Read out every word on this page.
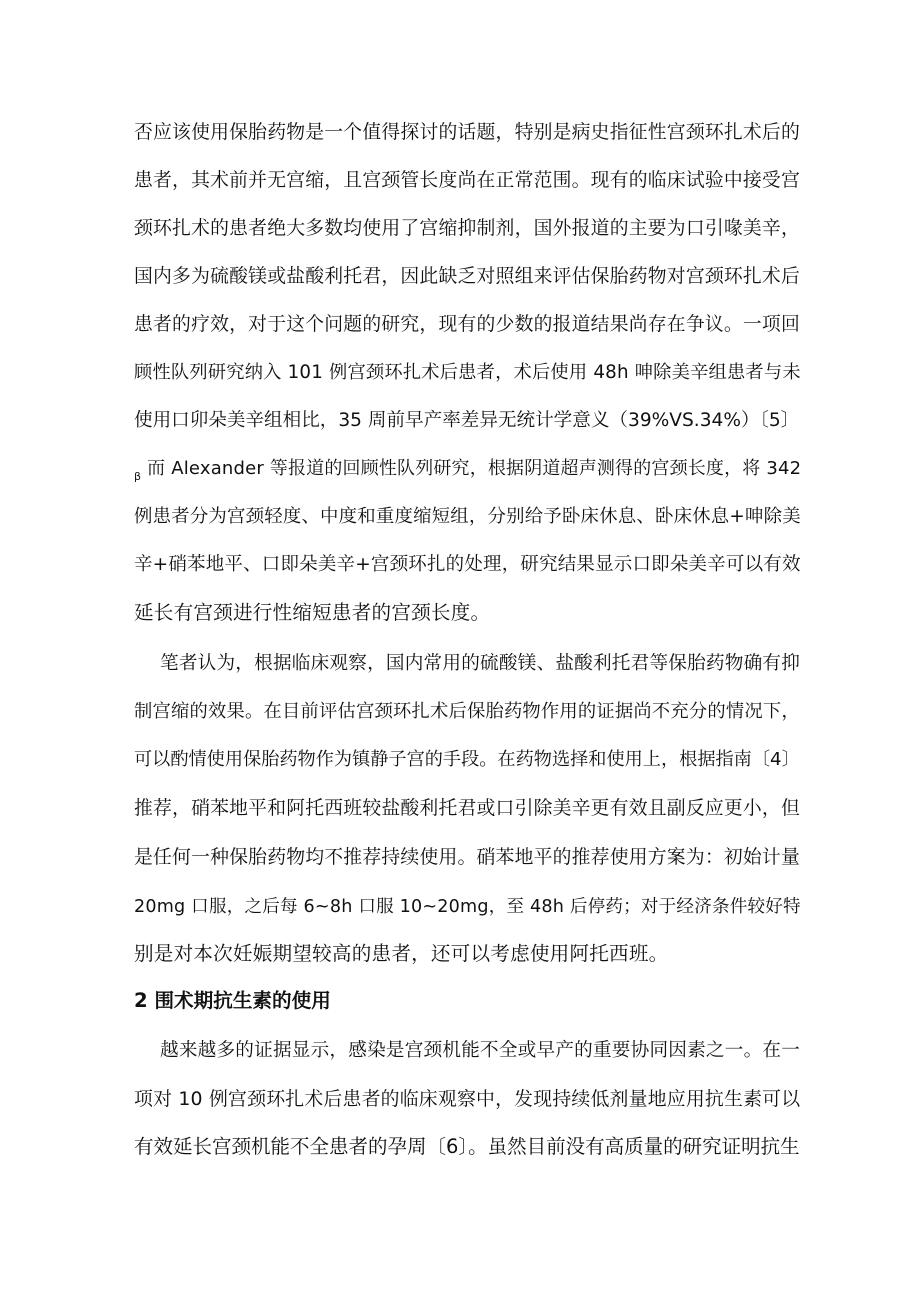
否应该使用保胎药物是一个值得探讨的话题，特别是病史指征性宫颈环扎术后的
患者，其术前并无宫缩，且宫颈管长度尚在正常范围。现有的临床试验中接受宫
颈环扎术的患者绝大多数均使用了宫缩抑制剂，国外报道的主要为口引喙美辛，
国内多为硫酸镁或盐酸利托君，因此缺乏对照组来评估保胎药物对宫颈环扎术后
患者的疗效，对于这个问题的研究，现有的少数的报道结果尚存在争议。一项回
顾性队列研究纳入 101 例宫颈环扎术后患者，术后使用 48h 呻除美辛组患者与未
使用口卯朵美辛组相比，35 周前早产率差异无统计学意义（39%VS.34%）〔5〕
$_\beta$ 而 Alexander 等报道的回顾性队列研究，根据阴道超声测得的宫颈长度，将 342
例患者分为宫颈轻度、中度和重度缩短组，分别给予卧床休息、卧床休息+呻除美
辛+硝苯地平、口即朵美辛+宫颈环扎的处理，研究结果显示口即朵美辛可以有效
延长有宫颈进行性缩短患者的宫颈长度。
笔者认为，根据临床观察，国内常用的硫酸镁、盐酸利托君等保胎药物确有抑
制宫缩的效果。在目前评估宫颈环扎术后保胎药物作用的证据尚不充分的情况下，
可以酌情使用保胎药物作为镇静子宫的手段。在药物选择和使用上，根据指南〔4〕
推荐，硝苯地平和阿托西班较盐酸利托君或口引除美辛更有效且副反应更小，但
是任何一种保胎药物均不推荐持续使用。硝苯地平的推荐使用方案为：初始计量
20mg 口服，之后每 6~8h 口服 10~20mg，至 48h 后停药；对于经济条件较好特
别是对本次妊娠期望较高的患者，还可以考虑使用阿托西班。
2 围术期抗生素的使用
越来越多的证据显示，感染是宫颈机能不全或早产的重要协同因素之一。在一
项对 10 例宫颈环扎术后患者的临床观察中，发现持续低剂量地应用抗生素可以
有效延长宫颈机能不全患者的孕周〔6〕。虽然目前没有高质量的研究证明抗生
